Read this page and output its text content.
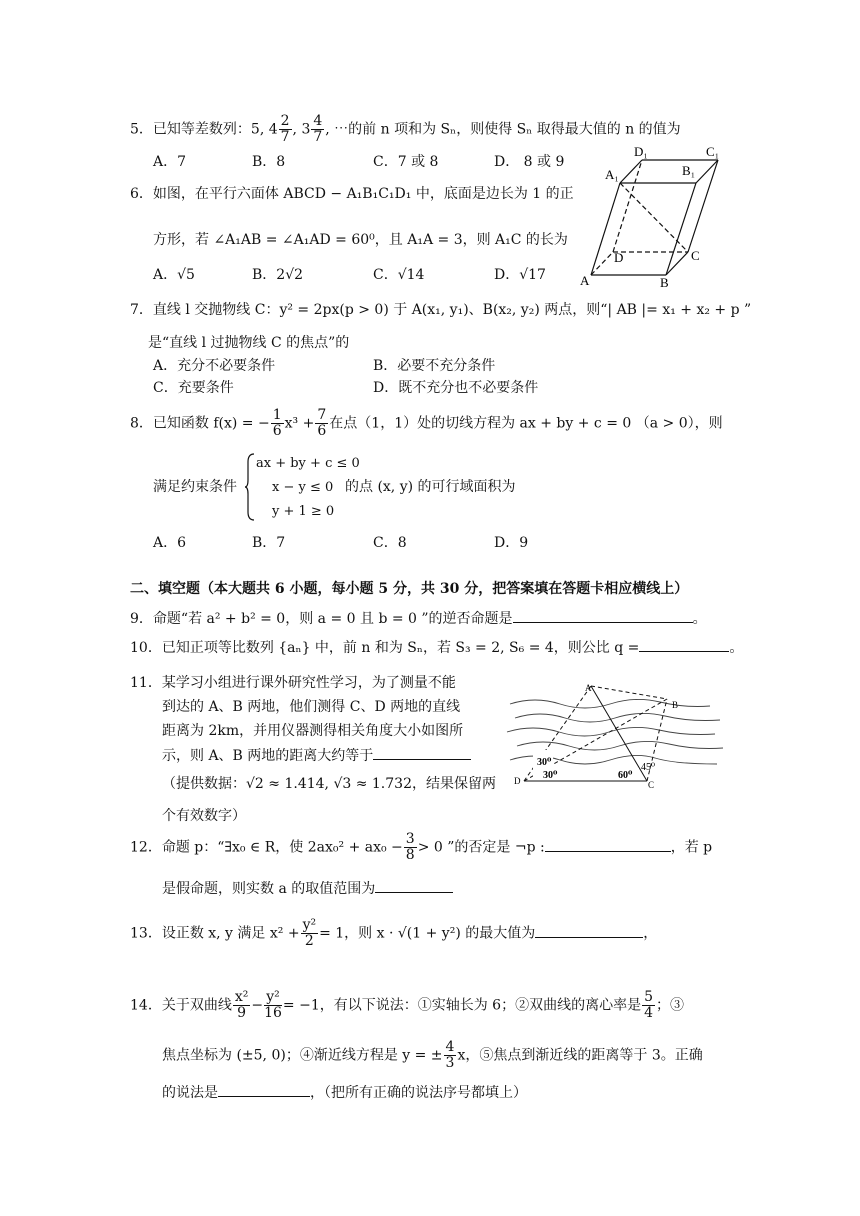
5．已知等差数列：5, $4 \frac{2}{7}$ , $3 \frac{4}{7}$ , ⋯的前 n 项和为 Sₙ，则使得 Sₙ 取得最大值的 n 的值为
A．7	B．8	C．7 或 8	D． 8 或 9
6．如图，在平行六面体 ABCD − A₁B₁C₁D₁ 中，底面是边长为 1 的正
方形，若 ∠A₁AB = ∠A₁AD = 60⁰，且 A₁A = 3，则 A₁C 的长为
A．√5	B．2√2	C．√14	D．√17	A	B
C
D
A₁	B₁
C₁
D₁
7．直线 l 交抛物线 C：y² = 2px(p > 0) 于 A(x₁, y₁)、B(x₂, y₂) 两点，则“| AB |= x₁ + x₂ + p ”
是“直线 l 过抛物线 C 的焦点”的
A．充分不必要条件	B．必要不充分条件
C．充要条件	D．既不充分也不必要条件
8．已知函数 f(x) = − $\frac{1}{6} x^3 + \frac{7}{6}$ 在点（1，1）处的切线方程为 ax + by + c = 0 （a > 0），则
满足约束条件
ax + by + c ≤ 0
x − y ≤ 0
y + 1 ≥ 0
的点 (x, y) 的可行域面积为
A．6	B．7	C．8	D．9
二、填空题（本大题共 6 小题，每小题 5 分，共 30 分，把答案填在答题卡相应横线上）
9．命题“若 a² + b² = 0，则 a = 0 且 b = 0 ”的逆否命题是	。
10．已知正项等比数列 {aₙ} 中，前 n 和为 Sₙ，若 S₃ = 2, S₆ = 4，则公比 q =	。
11．某学习小组进行课外研究性学习，为了测量不能
到达的 A、B 两地，他们测得 C、D 两地的直线
距离为 2km，并用仪器测得相关角度大小如图所
示，则 A、B 两地的距离大约等于
（提供数据：√2 ≈ 1.414, √3 ≈ 1.732，结果保留两
个有效数字）
A
B
C
D
30⁰
30⁰	60⁰
45⁰
12．命题 p：“∃x₀ ∈ R，使 $2ax_0^2 + ax_0 - \frac{3}{8} > 0$ ”的否定是 ¬p :	，若 p
是假命题，则实数 a 的取值范围为
13．设正数 x, y 满足 $x^2 + \frac{\text{y²}}{2} = 1$，则 x · √(1 + y²) 的最大值为	，
14．关于双曲线 $\frac{\text{x²}}{9} - \frac{\text{y²}}{16} = -1$，有以下说法：①实轴长为 6；②双曲线的离心率是 $\frac{5}{4}$ ；③
焦点坐标为 (±5, 0)；④渐近线方程是 y = ± $\frac{4}{3}$ x，⑤焦点到渐近线的距离等于 3。正确
的说法是	，（把所有正确的说法序号都填上）
